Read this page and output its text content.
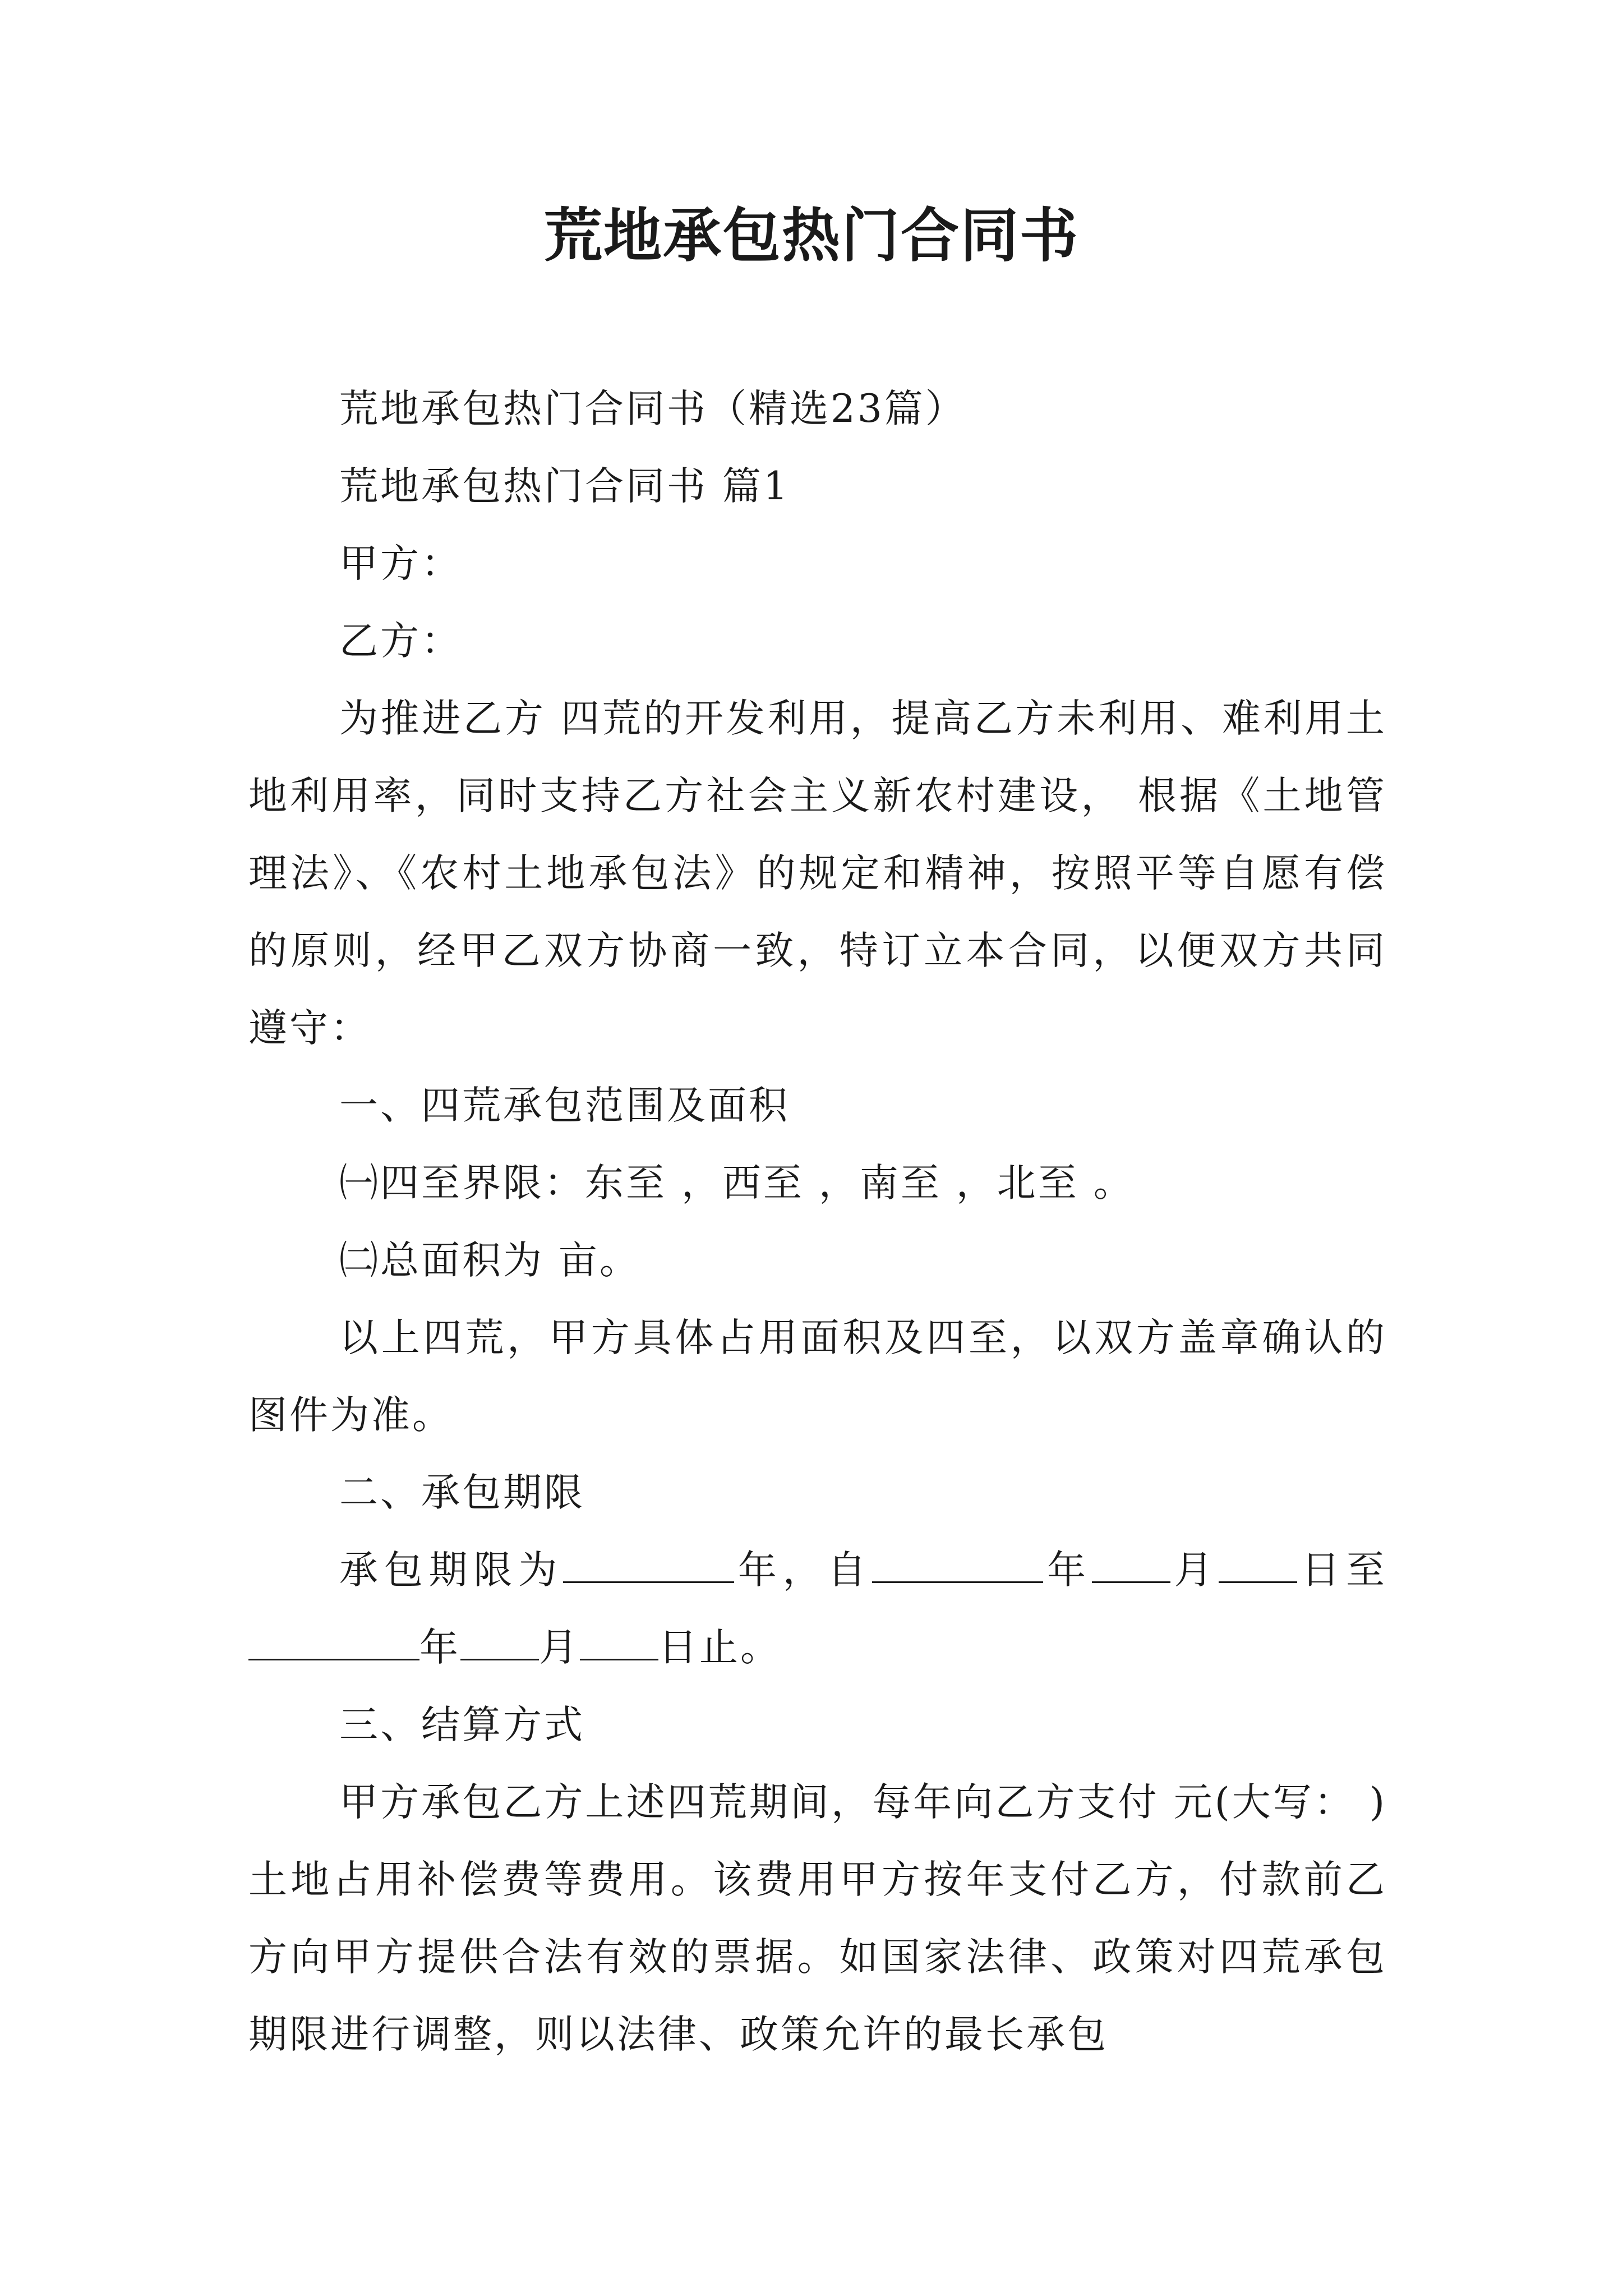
荒地承包热门合同书

荒地承包热门合同书（精选23篇）

荒地承包热门合同书 篇1

甲方：

乙方：

为推进乙方 四荒的开发利用，提高乙方未利用、难利用土地利用率，同时支持乙方社会主义新农村建设， 根据《土地管理法》、《农村土地承包法》的规定和精神，按照平等自愿有偿的原则，经甲乙双方协商一致，特订立本合同，以便双方共同遵守：

一、四荒承包范围及面积

㈠四至界限：东至 ，西至 ，南至 ，北至 。

㈡总面积为 亩。

以上四荒，甲方具体占用面积及四至，以双方盖章确认的图件为准。

二、承包期限

承包期限为	年，自	年 月 日至年 月 日止。

三、结算方式

甲方承包乙方上述四荒期间，每年向乙方支付 元(大写： )土地占用补偿费等费用。该费用甲方按年支付乙方，付款前乙方向甲方提供合法有效的票据。如国家法律、政策对四荒承包期限进行调整，则以法律、政策允许的最长承包
